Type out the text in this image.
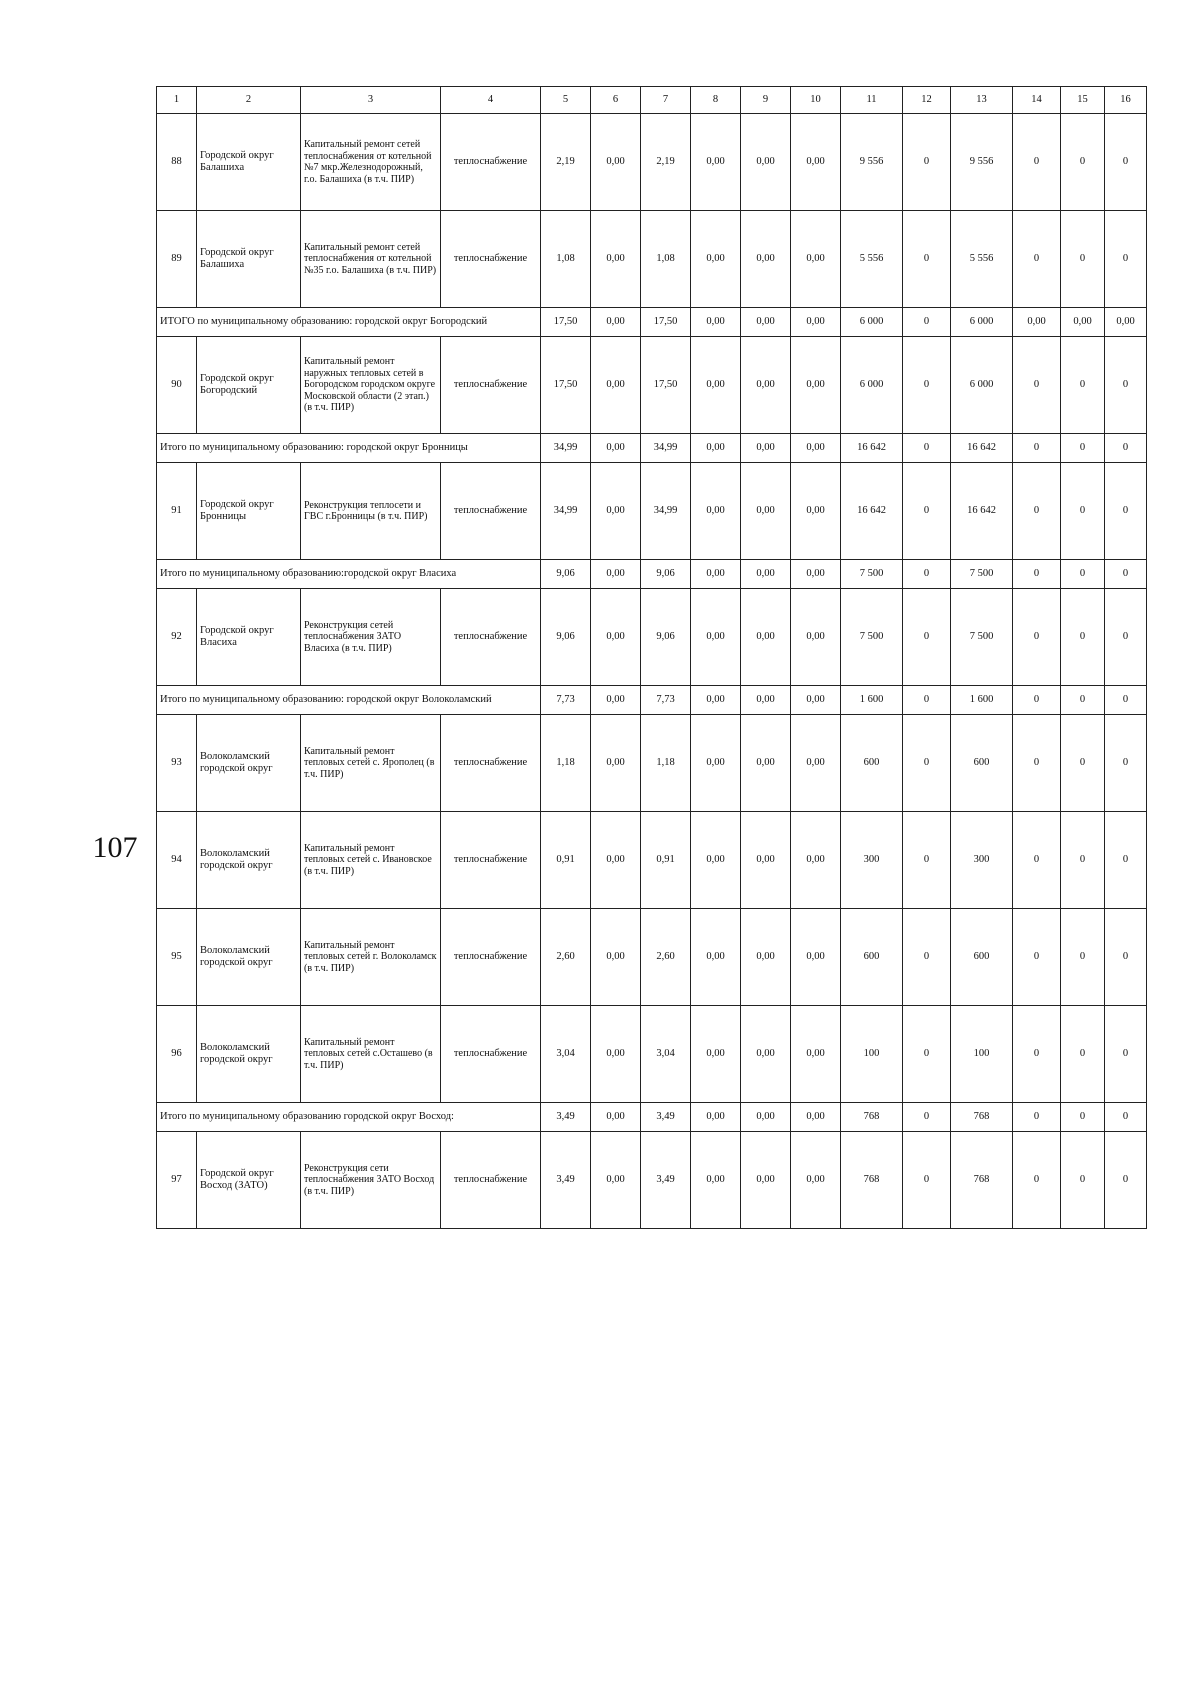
107
1	2	3	4	5	6	7	8	9	10	11	12	13	14	15	16
88	Городской округ Балашиха	Капитальный ремонт сетей теплоснабжения от котельной №7 мкр.Железнодорожный, г.о. Балашиха (в т.ч. ПИР)	теплоснабжение	2,19	0,00	2,19	0,00	0,00	0,00	9 556	0	9 556	0	0	0
89	Городской округ Балашиха	Капитальный ремонт сетей теплоснабжения от котельной №35 г.о. Балашиха (в т.ч. ПИР)	теплоснабжение	1,08	0,00	1,08	0,00	0,00	0,00	5 556	0	5 556	0	0	0
ИТОГО по муниципальному образованию: городской округ Богородский				17,50	0,00	17,50	0,00	0,00	0,00	6 000	0	6 000	0,00	0,00	0,00
90	Городской округ Богородский	Капитальный ремонт наружных тепловых сетей в Богородском городском округе Московской области (2 этап.) (в т.ч. ПИР)	теплоснабжение	17,50	0,00	17,50	0,00	0,00	0,00	6 000	0	6 000	0	0	0
Итого по муниципальному образованию: городской округ Бронницы				34,99	0,00	34,99	0,00	0,00	0,00	16 642	0	16 642	0	0	0
91	Городской округ Бронницы	Реконструкция теплосети и ГВС г.Бронницы (в т.ч. ПИР)	теплоснабжение	34,99	0,00	34,99	0,00	0,00	0,00	16 642	0	16 642	0	0	0
Итого по муниципальному образованию:городской округ Власиха				9,06	0,00	9,06	0,00	0,00	0,00	7 500	0	7 500	0	0	0
92	Городской округ Власиха	Реконструкция сетей теплоснабжения ЗАТО Власиха (в т.ч. ПИР)	теплоснабжение	9,06	0,00	9,06	0,00	0,00	0,00	7 500	0	7 500	0	0	0
Итого по муниципальному образованию: городской округ Волоколамский				7,73	0,00	7,73	0,00	0,00	0,00	1 600	0	1 600	0	0	0
93	Волоколамский городской округ	Капитальный ремонт тепловых сетей с. Ярополец (в т.ч. ПИР)	теплоснабжение	1,18	0,00	1,18	0,00	0,00	0,00	600	0	600	0	0	0
94	Волоколамский городской округ	Капитальный ремонт тепловых сетей с. Ивановское (в т.ч. ПИР)	теплоснабжение	0,91	0,00	0,91	0,00	0,00	0,00	300	0	300	0	0	0
95	Волоколамский городской округ	Капитальный ремонт тепловых сетей г. Волоколамск (в т.ч. ПИР)	теплоснабжение	2,60	0,00	2,60	0,00	0,00	0,00	600	0	600	0	0	0
96	Волоколамский городской округ	Капитальный ремонт тепловых сетей с.Осташево (в т.ч. ПИР)	теплоснабжение	3,04	0,00	3,04	0,00	0,00	0,00	100	0	100	0	0	0
Итого по муниципальному образованию городской округ Восход:				3,49	0,00	3,49	0,00	0,00	0,00	768	0	768	0	0	0
97	Городской округ Восход (ЗАТО)	Реконструкция сети теплоснабжения ЗАТО Восход (в т.ч. ПИР)	теплоснабжение	3,49	0,00	3,49	0,00	0,00	0,00	768	0	768	0	0	0
